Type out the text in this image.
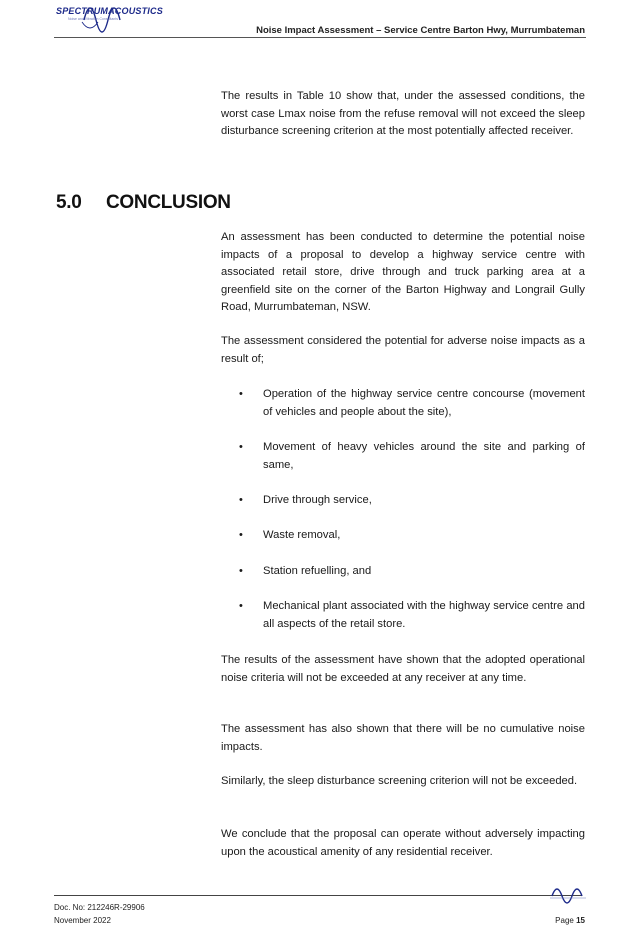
SPECTRUMACOUSTICS
Noise and Vibration Consultants
Noise Impact Assessment – Service Centre Barton Hwy, Murrumbateman

The results in Table 10 show that, under the assessed conditions, the worst case Lmax noise from the refuse removal will not exceed the sleep disturbance screening criterion at the most potentially affected receiver.

5.0 CONCLUSION

An assessment has been conducted to determine the potential noise impacts of a proposal to develop a highway service centre with associated retail store, drive through and truck parking area at a greenfield site on the corner of the Barton Highway and Longrail Gully Road, Murrumbateman, NSW.

The assessment considered the potential for adverse noise impacts as a result of;

• Operation of the highway service centre concourse (movement of vehicles and people about the site),
• Movement of heavy vehicles around the site and parking of same,
• Drive through service,
• Waste removal,
• Station refuelling, and
• Mechanical plant associated with the highway service centre and all aspects of the retail store.

The results of the assessment have shown that the adopted operational noise criteria will not be exceeded at any receiver at any time.

The assessment has also shown that there will be no cumulative noise impacts.

Similarly, the sleep disturbance screening criterion will not be exceeded.

We conclude that the proposal can operate without adversely impacting upon the acoustical amenity of any residential receiver.

Doc. No: 212246R-29906
November 2022	Page 15
